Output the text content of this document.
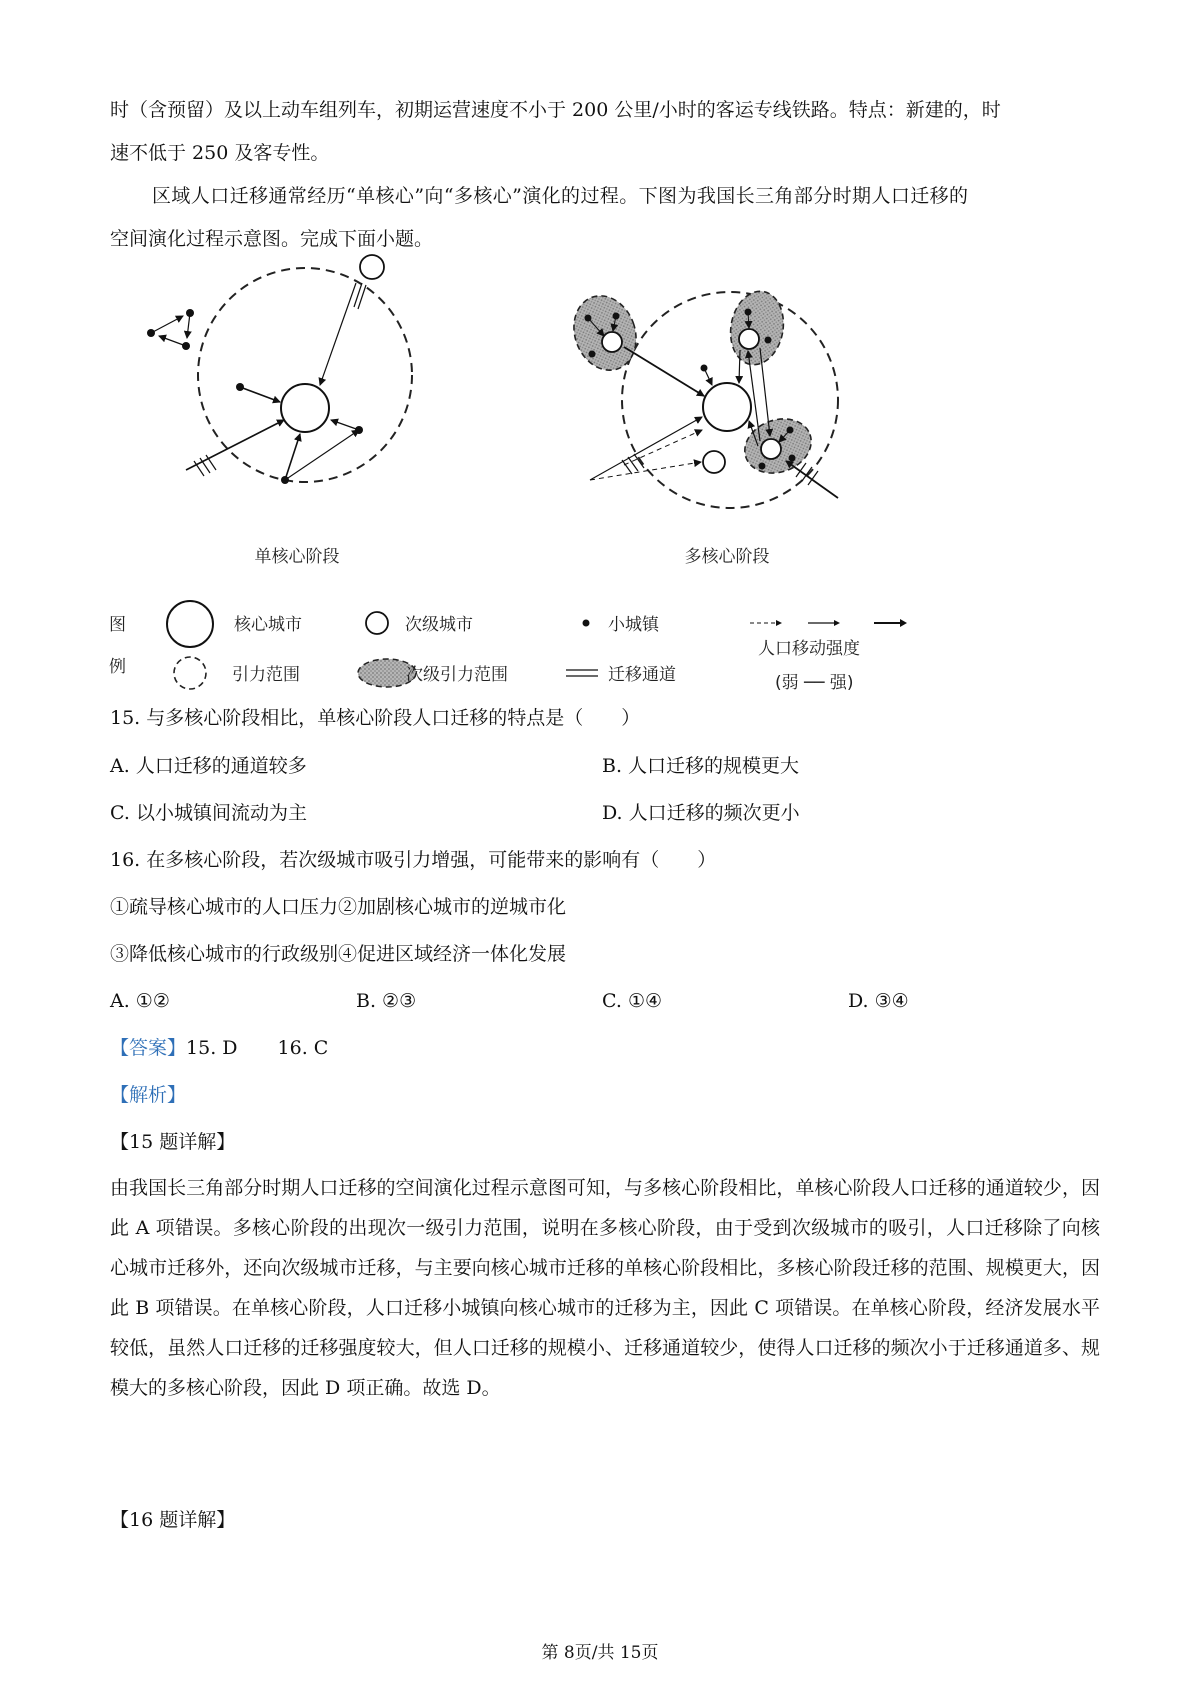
时（含预留）及以上动车组列车，初期运营速度不小于 200 公里/小时的客运专线铁路。特点：新建的，时
速不低于 250 及客专性。
区域人口迁移通常经历“单核心”向“多核心”演化的过程。下图为我国长三角部分时期人口迁移的
空间演化过程示意图。完成下面小题。
单核心阶段	多核心阶段
图
例
核心城市	次级城市	小城镇
人口移动强度
(弱 ── 强)
引力范围	次级引力范围	迁移通道
15. 与多核心阶段相比，单核心阶段人口迁移的特点是（　　）
A. 人口迁移的通道较多	B. 人口迁移的规模更大
C. 以小城镇间流动为主	D. 人口迁移的频次更小
16. 在多核心阶段，若次级城市吸引力增强，可能带来的影响有（　　）
①疏导核心城市的人口压力②加剧核心城市的逆城市化
③降低核心城市的行政级别④促进区域经济一体化发展
A. ①②	B. ②③	C. ①④	D. ③④
【答案】15. D 16. C
【解析】
【15 题详解】
由我国长三角部分时期人口迁移的空间演化过程示意图可知，与多核心阶段相比，单核心阶段人口迁移的通道较少，因此 A 项错误。多核心阶段的出现次一级引力范围，说明在多核心阶段，由于受到次级城市的吸引，人口迁移除了向核心城市迁移外，还向次级城市迁移，与主要向核心城市迁移的单核心阶段相比，多核心阶段迁移的范围、规模更大，因此 B 项错误。在单核心阶段，人口迁移小城镇向核心城市的迁移为主，因此 C 项错误。在单核心阶段，经济发展水平较低，虽然人口迁移的迁移强度较大，但人口迁移的规模小、迁移通道较少，使得人口迁移的频次小于迁移通道多、规模大的多核心阶段，因此 D 项正确。故选 D。
【16 题详解】
第 8页/共 15页
